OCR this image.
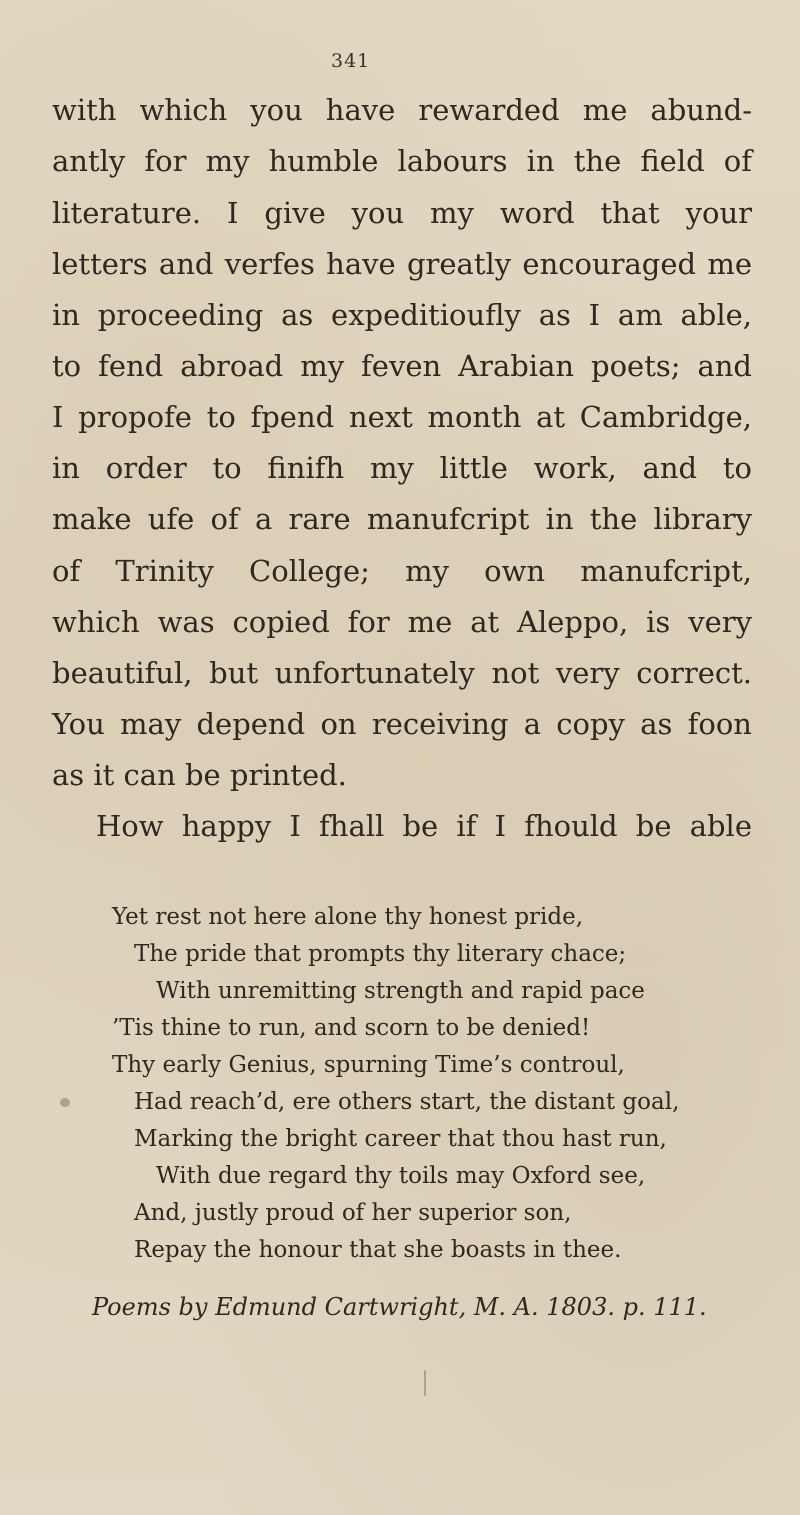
341
with which you have rewarded me abund-
antly for my humble labours in the field of
literature. I give you my word that your
letters and verfes have greatly encouraged me
in proceeding as expeditioufly as I am able,
to fend abroad my feven Arabian poets; and
I propofe to fpend next month at Cambridge,
in order to finifh my little work, and to
make ufe of a rare manufcript in the library
of Trinity College; my own manufcript,
which was copied for me at Aleppo, is very
beautiful, but unfortunately not very correct.
You may depend on receiving a copy as foon
as it can be printed.
How happy I fhall be if I fhould be able
Yet rest not here alone thy honest pride,
The pride that prompts thy literary chace;
With unremitting strength and rapid pace
’Tis thine to run, and scorn to be denied!
Thy early Genius, spurning Time’s controul,
Had reach’d, ere others start, the distant goal,
Marking the bright career that thou hast run,
With due regard thy toils may Oxford see,
And, justly proud of her superior son,
Repay the honour that she boasts in thee.
Poems by Edmund Cartwright, M. A. 1803. p. 111.
